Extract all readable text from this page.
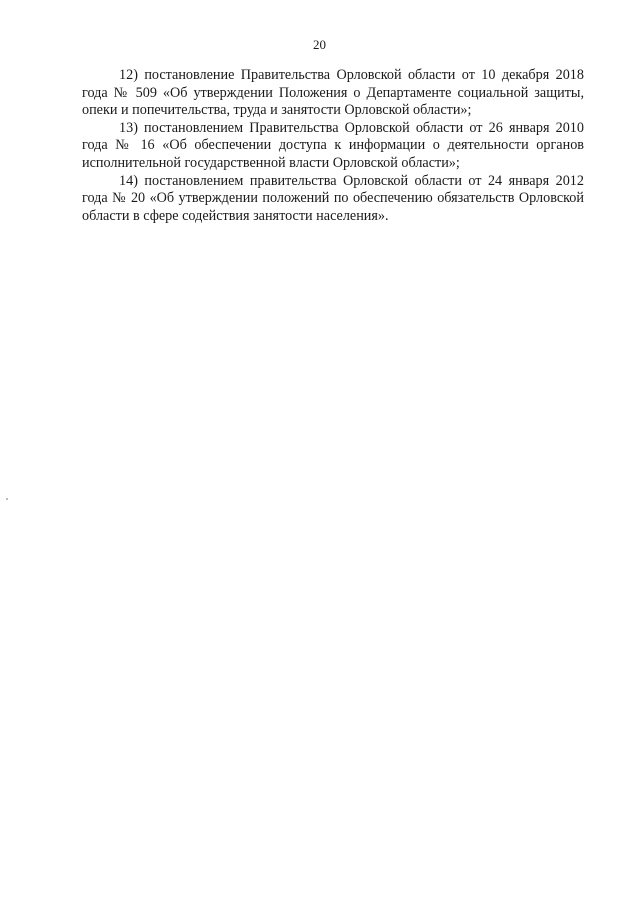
20

12) постановление Правительства Орловской области от 10 декабря 2018 года № 509 «Об утверждении Положения о Департаменте социальной защиты, опеки и попечительства, труда и занятости Орловской области»;

13) постановлением Правительства Орловской области от 26 января 2010 года № 16 «Об обеспечении доступа к информации о деятельности органов исполнительной государственной власти Орловской области»;

14) постановлением правительства Орловской области от 24 января 2012 года № 20 «Об утверждении положений по обеспечению обязательств Орловской области в сфере содействия занятости населения».
